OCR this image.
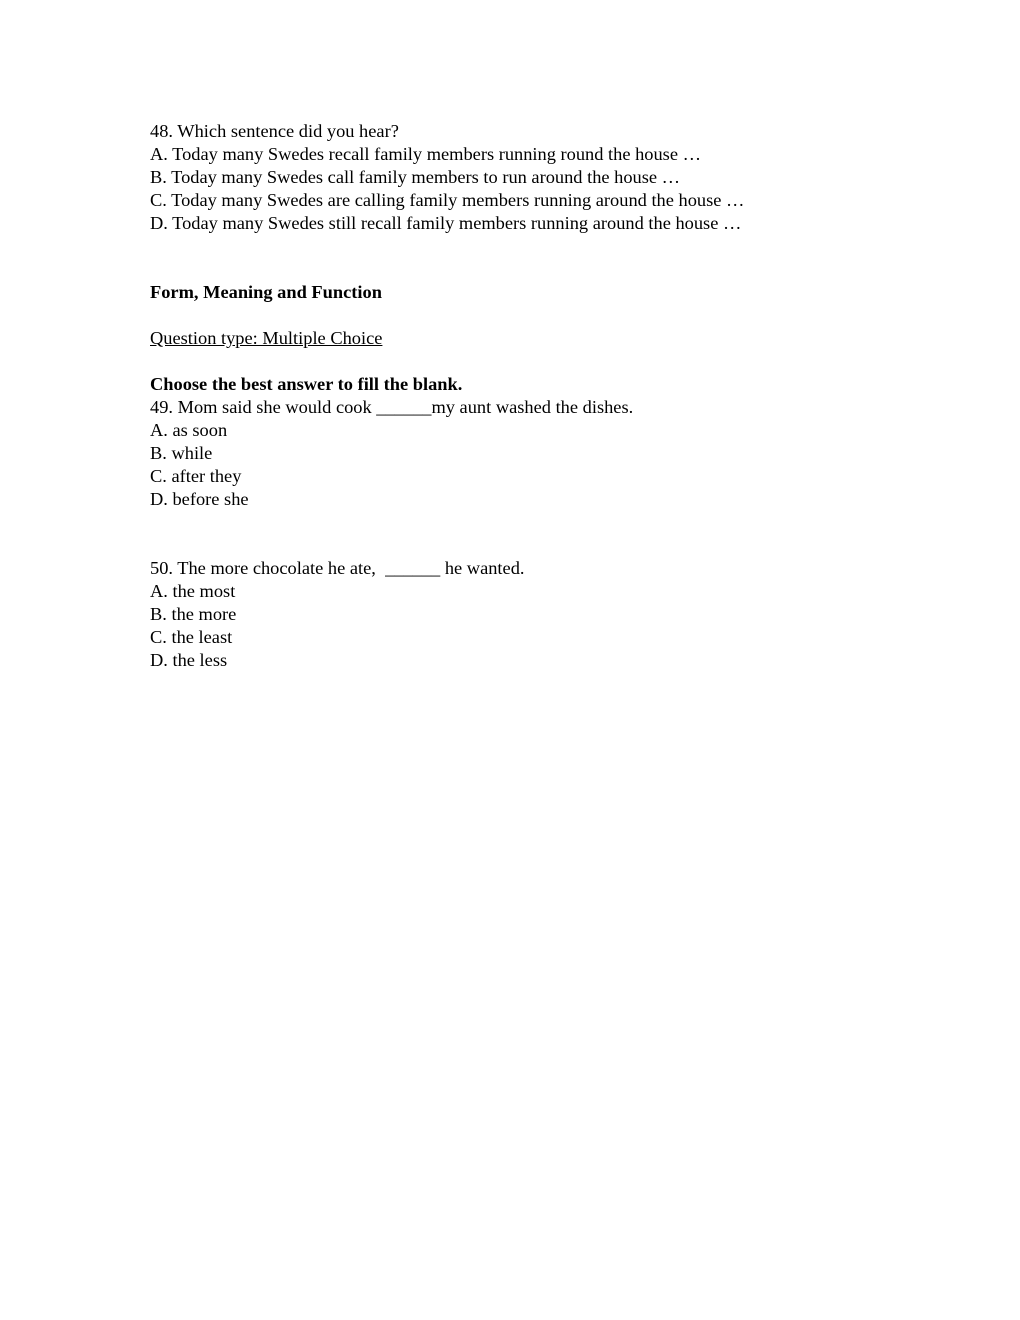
48. Which sentence did you hear?
A. Today many Swedes recall family members running round the house …
B. Today many Swedes call family members to run around the house …
C. Today many Swedes are calling family members running around the house …
D. Today many Swedes still recall family members running around the house …
Form, Meaning and Function
Question type: Multiple Choice
Choose the best answer to fill the blank.
49. Mom said she would cook ______my aunt washed the dishes.
A. as soon
B. while
C. after they
D. before she
50. The more chocolate he ate,  ______ he wanted.
A. the most
B. the more
C. the least
D. the less
